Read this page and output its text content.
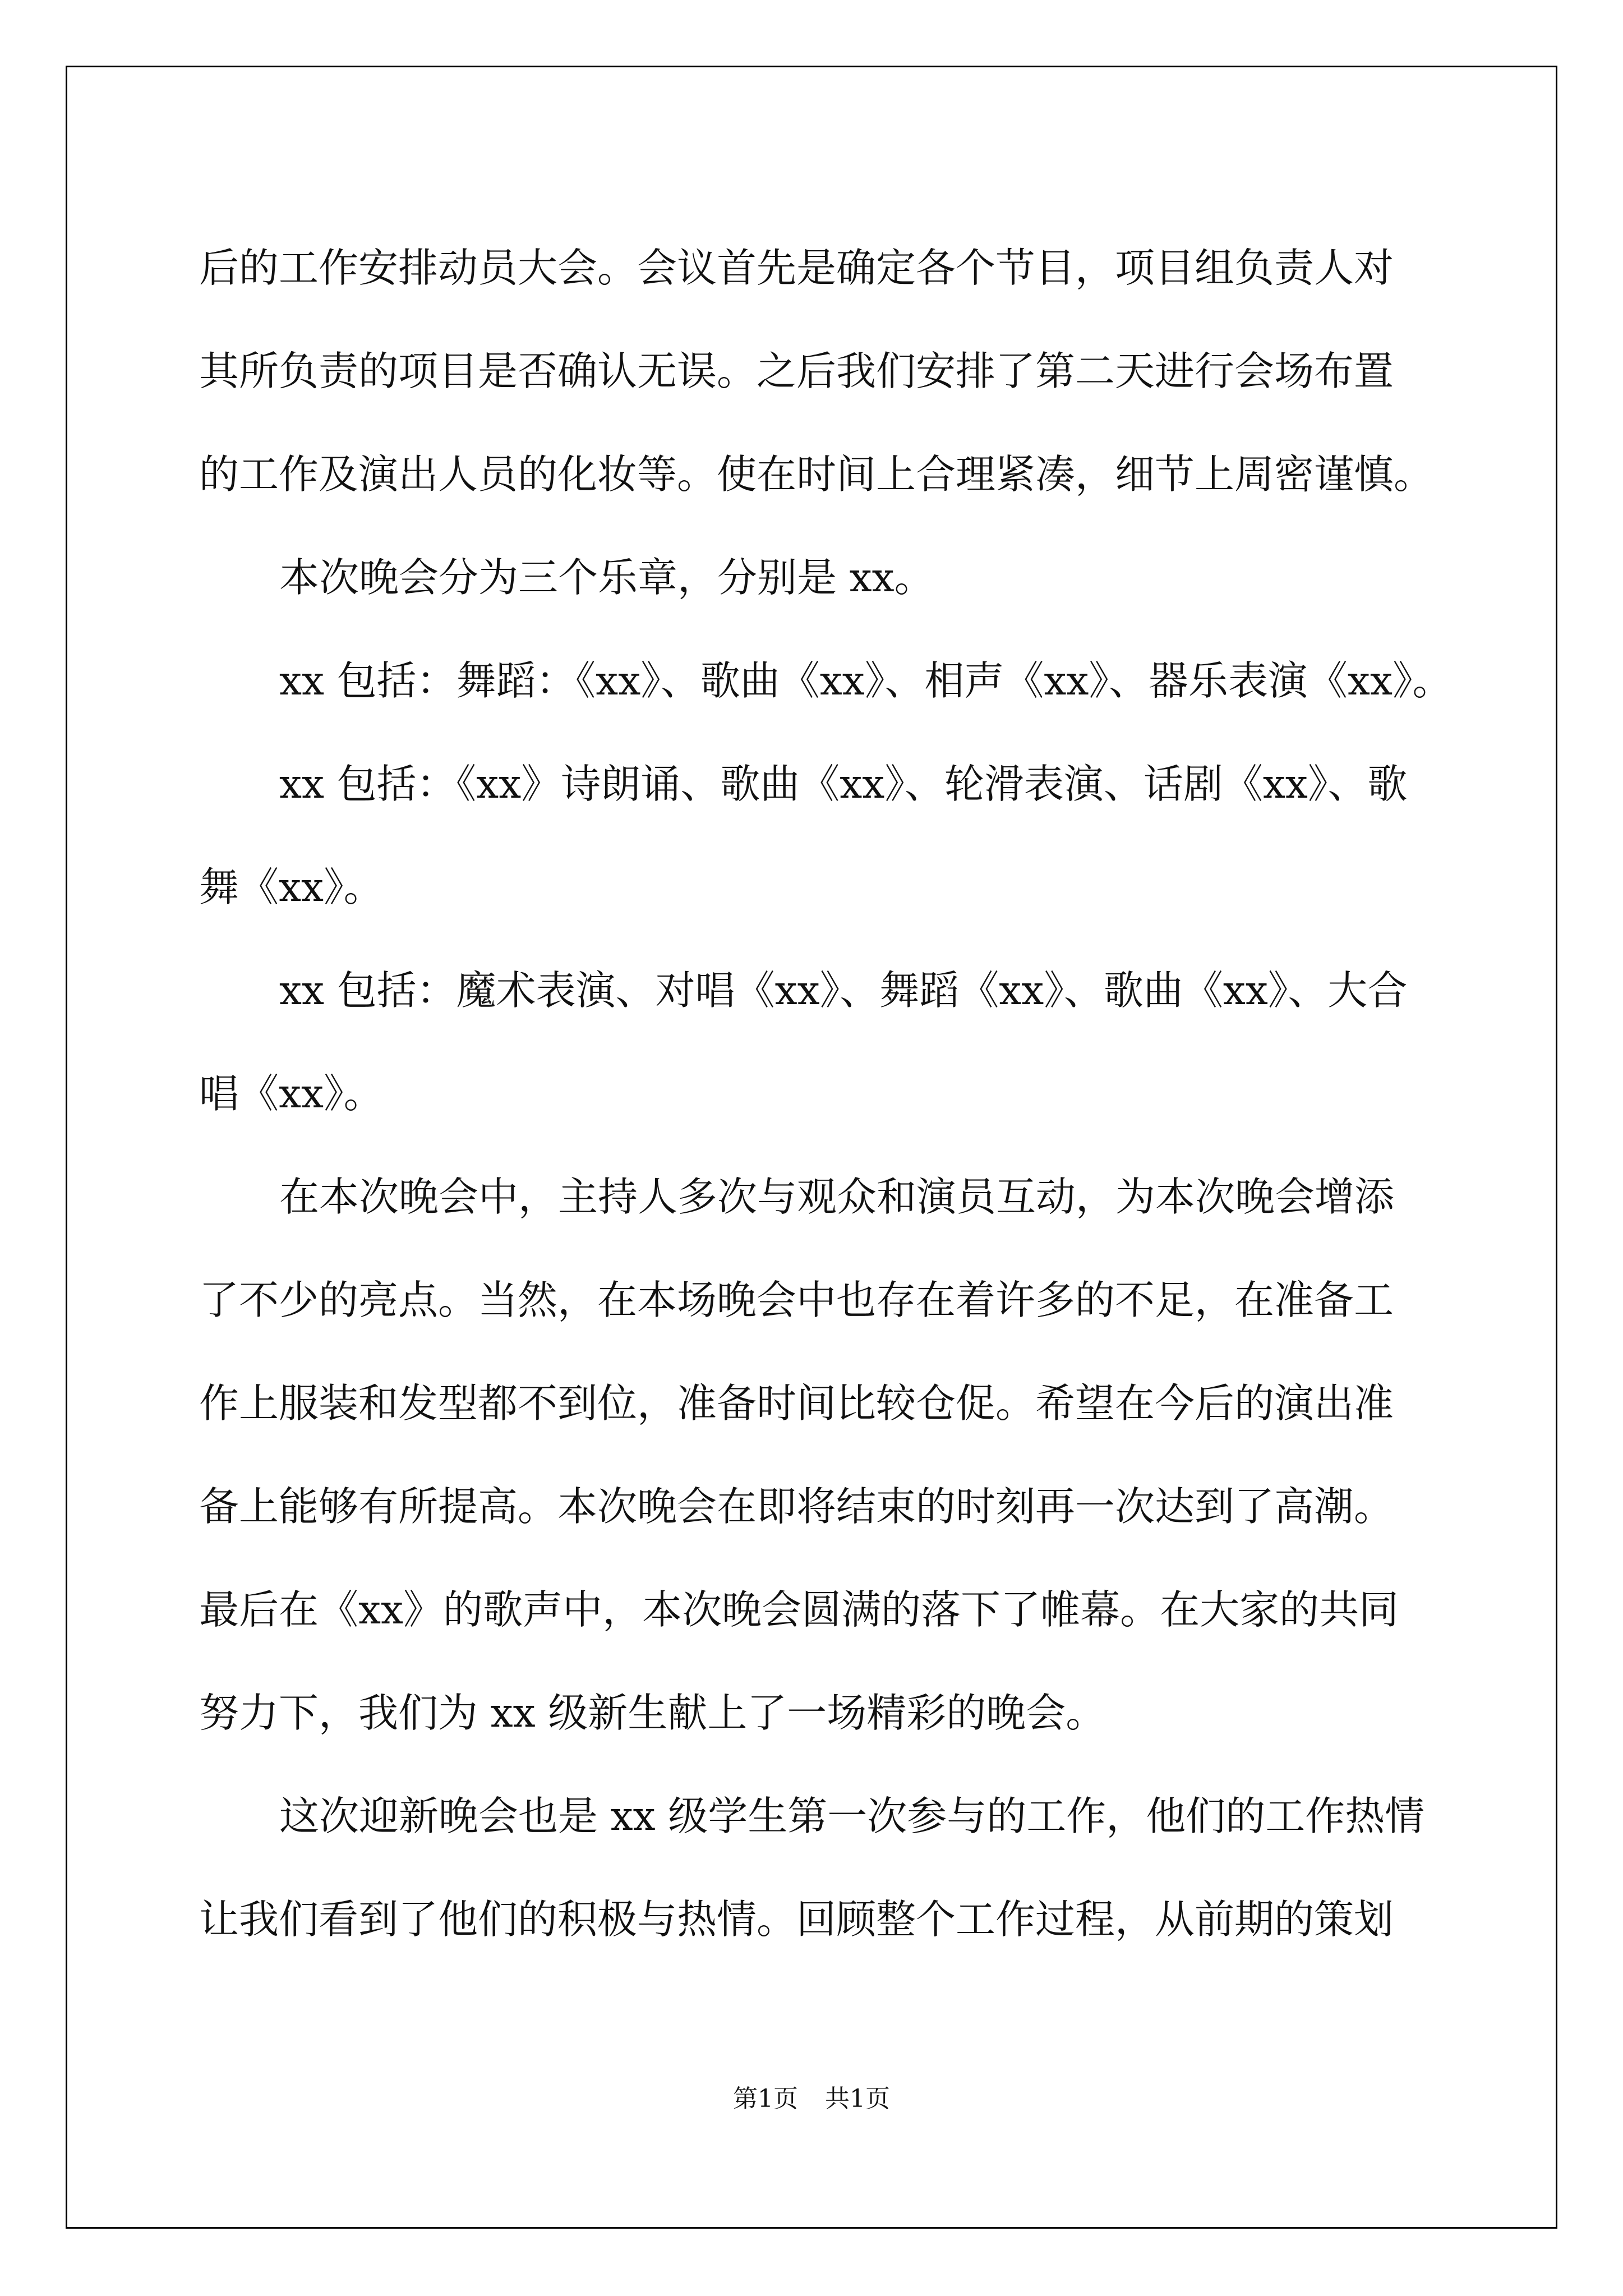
后的工作安排动员大会。会议首先是确定各个节目，项目组负责人对
其所负责的项目是否确认无误。之后我们安排了第二天进行会场布置
的工作及演出人员的化妆等。使在时间上合理紧凑，细节上周密谨慎。
本次晚会分为三个乐章，分别是 xx。
xx 包括：舞蹈：《xx》、歌曲《xx》、相声《xx》、器乐表演《xx》。
xx 包括：《xx》诗朗诵、歌曲《xx》、轮滑表演、话剧《xx》、歌
舞《xx》。
xx 包括：魔术表演、对唱《xx》、舞蹈《xx》、歌曲《xx》、大合
唱《xx》。
在本次晚会中，主持人多次与观众和演员互动，为本次晚会增添
了不少的亮点。当然，在本场晚会中也存在着许多的不足，在准备工
作上服装和发型都不到位，准备时间比较仓促。希望在今后的演出准
备上能够有所提高。本次晚会在即将结束的时刻再一次达到了高潮。
最后在《xx》的歌声中，本次晚会圆满的落下了帷幕。在大家的共同
努力下，我们为 xx 级新生献上了一场精彩的晚会。
这次迎新晚会也是 xx 级学生第一次参与的工作，他们的工作热情
让我们看到了他们的积极与热情。回顾整个工作过程，从前期的策划
第1页 共1页
